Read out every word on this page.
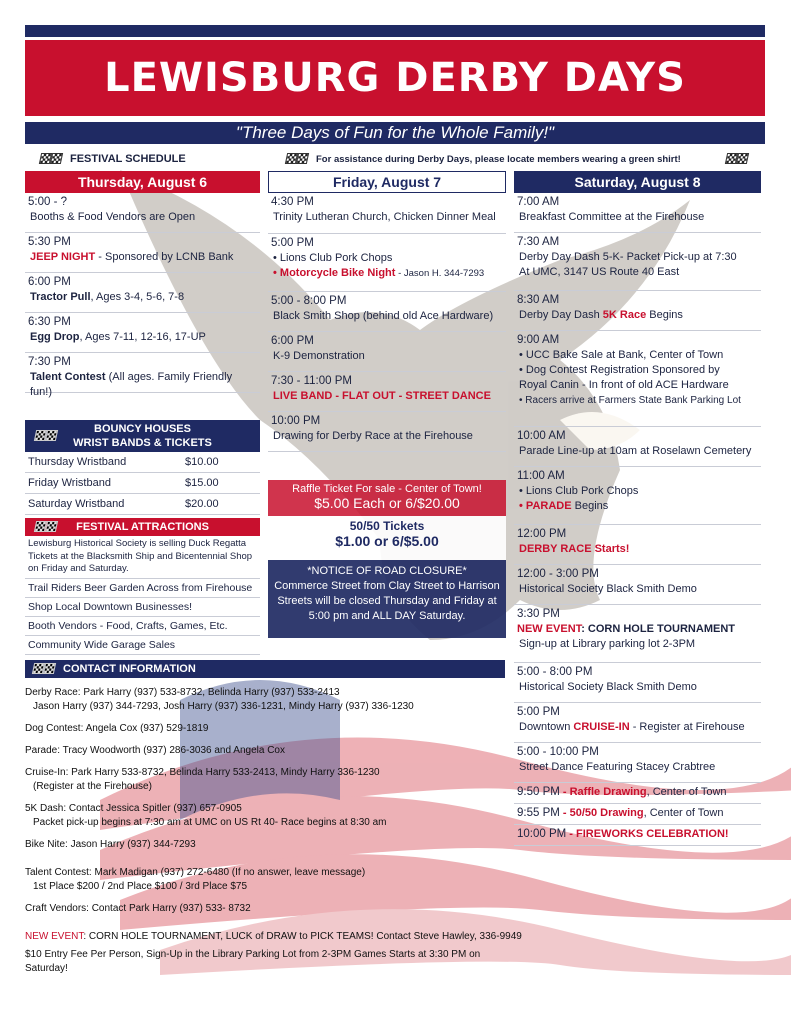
LEWISBURG DERBY DAYS
"Three Days of Fun for the Whole Family!"
FESTIVAL SCHEDULE	For assistance during Derby Days, please locate members wearing a green shirt!
Thursday, August 6
5:00 - ?
Booths & Food Vendors are Open
5:30 PM
JEEP NIGHT - Sponsored by LCNB Bank
6:00 PM
Tractor Pull, Ages 3-4, 5-6, 7-8
6:30 PM
Egg Drop, Ages 7-11, 12-16, 17-UP
7:30 PM
Talent Contest (All ages. Family Friendly fun!)
BOUNCY HOUSES
WRIST BANDS & TICKETS
Thursday Wristband	$10.00
Friday Wristband	$15.00
Saturday Wristband	$20.00
FESTIVAL ATTRACTIONS
Lewisburg Historical Society is selling Duck Regatta Tickets at the Blacksmith Ship and Bicentennial Shop on Friday and Saturday.
Trail Riders Beer Garden Across from Firehouse
Shop Local Downtown Businesses!
Booth Vendors - Food, Crafts, Games, Etc.
Community Wide Garage Sales
Friday, August 7
4:30 PM
Trinity Lutheran Church, Chicken Dinner Meal
5:00 PM
• Lions Club Pork Chops
• Motorcycle Bike Night - Jason H. 344-7293
5:00 - 8:00 PM
Black Smith Shop (behind old Ace Hardware)
6:00 PM
K-9 Demonstration
7:30 - 11:00 PM
LIVE BAND - FLAT OUT - STREET DANCE
10:00 PM
Drawing for Derby Race at the Firehouse
Raffle Ticket For sale - Center of Town!
$5.00 Each or 6/$20.00
50/50 Tickets
$1.00 or 6/$5.00
*NOTICE OF ROAD CLOSURE*
Commerce Street from Clay Street to Harrison Streets will be closed Thursday and Friday at 5:00 pm and ALL DAY Saturday.
Saturday, August 8
7:00 AM
Breakfast Committee at the Firehouse
7:30 AM
Derby Day Dash 5-K- Packet Pick-up at 7:30
At UMC, 3147 US Route 40 East
8:30 AM
Derby Day Dash 5K Race Begins
9:00 AM
• UCC Bake Sale at Bank, Center of Town
• Dog Contest Registration Sponsored by
Royal Canin - In front of old ACE Hardware
• Racers arrive at Farmers State Bank Parking Lot
10:00 AM
Parade Line-up at 10am at Roselawn Cemetery
11:00 AM
• Lions Club Pork Chops
• PARADE Begins
12:00 PM
DERBY RACE Starts!
12:00 - 3:00 PM
Historical Society Black Smith Demo
3:30 PM
NEW EVENT: CORN HOLE TOURNAMENT
Sign-up at Library parking lot 2-3PM
5:00 - 8:00 PM
Historical Society Black Smith Demo
5:00 PM
Downtown CRUISE-IN - Register at Firehouse
5:00 - 10:00 PM
Street Dance Featuring Stacey Crabtree
9:50 PM - Raffle Drawing, Center of Town
9:55 PM - 50/50 Drawing, Center of Town
10:00 PM - FIREWORKS CELEBRATION!
CONTACT INFORMATION
Derby Race: Park Harry (937) 533-8732, Belinda Harry (937) 533-2413
Jason Harry (937) 344-7293, Josh Harry (937) 336-1231, Mindy Harry (937) 336-1230
Dog Contest: Angela Cox (937) 529-1819
Parade: Tracy Woodworth (937) 286-3036 and Angela Cox
Cruise-In: Park Harry 533-8732, Belinda Harry 533-2413, Mindy Harry 336-1230
(Register at the Firehouse)
5K Dash: Contact Jessica Spitler (937) 657-0905
Packet pick-up begins at 7:30 am at UMC on US Rt 40- Race begins at 8:30 am
Bike Nite: Jason Harry (937) 344-7293
Talent Contest: Mark Madigan (937) 272-6480 (If no answer, leave message)
1st Place $200 / 2nd Place $100 / 3rd Place $75
Craft Vendors: Contact Park Harry (937) 533- 8732
NEW EVENT: CORN HOLE TOURNAMENT, LUCK of DRAW to PICK TEAMS! Contact Steve Hawley, 336-9949
$10 Entry Fee Per Person, Sign-Up in the Library Parking Lot from 2-3PM Games Starts at 3:30 PM on Saturday!
